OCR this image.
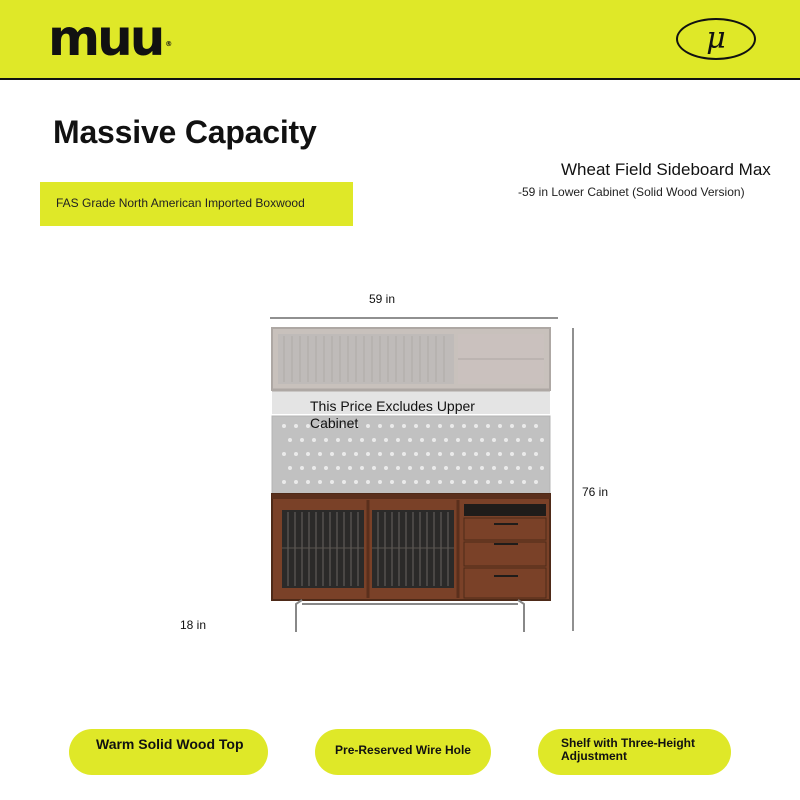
muu ®	μ
Massive Capacity
FAS Grade North American Imported Boxwood
Wheat Field Sideboard Max
-59 in Lower Cabinet (Solid Wood Version)
59 in
76 in
18 in
This Price Excludes Upper Cabinet
Warm Solid Wood Top	Pre-Reserved Wire Hole	Shelf with Three-Height Adjustment
